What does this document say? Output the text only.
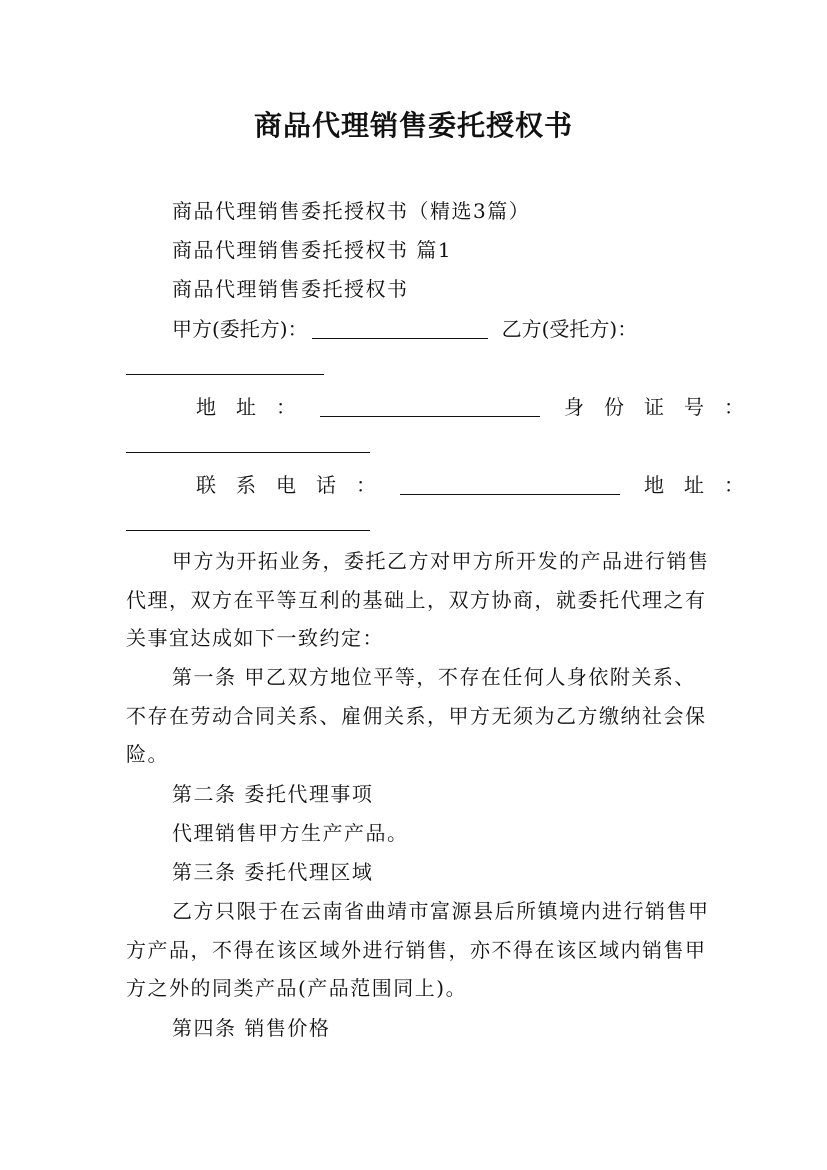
商品代理销售委托授权书

商品代理销售委托授权书（精选3篇）

商品代理销售委托授权书 篇1

商品代理销售委托授权书

甲方(委托方)：	乙方(受托方)：
地址：	身份证号：
联系电话：	地址：

甲方为开拓业务，委托乙方对甲方所开发的产品进行销售代理，双方在平等互利的基础上，双方协商，就委托代理之有关事宜达成如下一致约定：

第一条 甲乙双方地位平等，不存在任何人身依附关系、不存在劳动合同关系、雇佣关系，甲方无须为乙方缴纳社会保险。

第二条 委托代理事项

代理销售甲方生产产品。

第三条 委托代理区域

乙方只限于在云南省曲靖市富源县后所镇境内进行销售甲方产品，不得在该区域外进行销售，亦不得在该区域内销售甲方之外的同类产品(产品范围同上)。

第四条 销售价格
